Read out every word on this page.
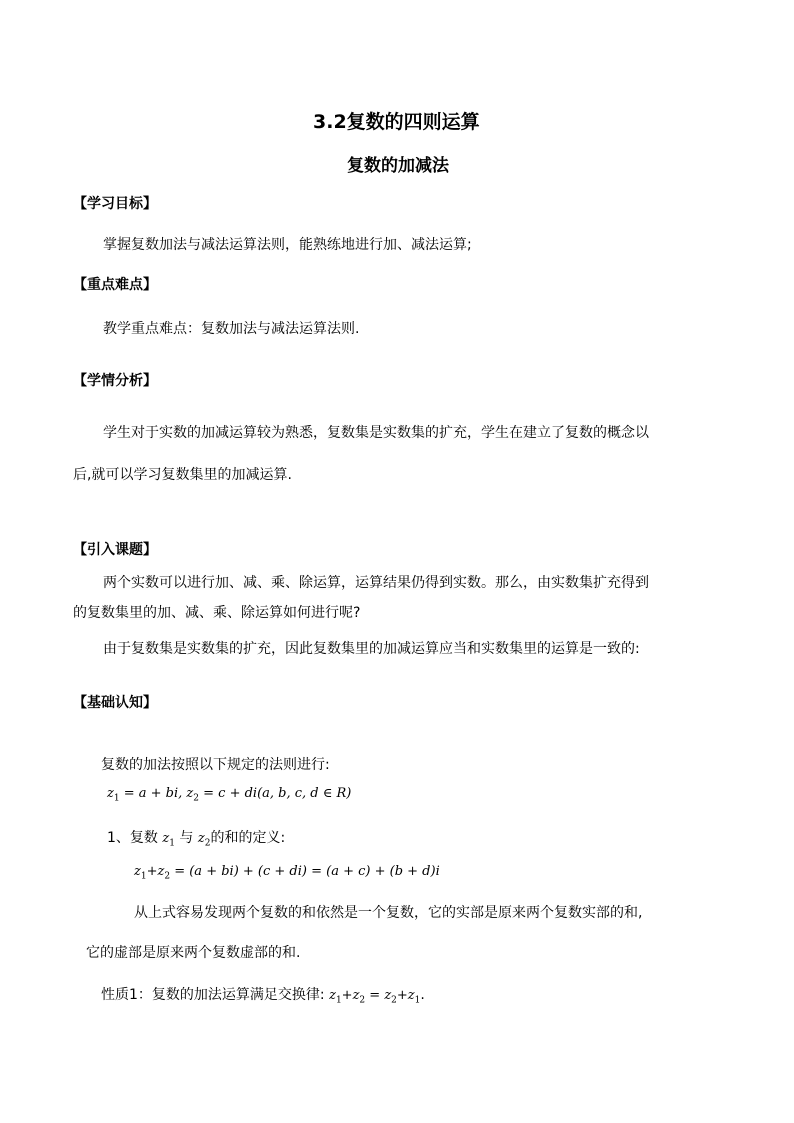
3.2复数的四则运算
复数的加减法
【学习目标】
掌握复数加法与减法运算法则，能熟练地进行加、减法运算;
【重点难点】
教学重点难点：复数加法与减法运算法则.
【学情分析】
学生对于实数的加减运算较为熟悉，复数集是实数集的扩充，学生在建立了复数的概念以
后,就可以学习复数集里的加减运算.
【引入课题】
两个实数可以进行加、减、乘、除运算，运算结果仍得到实数。那么，由实数集扩充得到
的复数集里的加、减、乘、除运算如何进行呢?
由于复数集是实数集的扩充，因此复数集里的加减运算应当和实数集里的运算是一致的:
【基础认知】
复数的加法按照以下规定的法则进行:
$z_1 = a$ + bi, $z_2 = c + di(a$, b, c, d ∈ R)
1、复数 $z_1$ 与 $z_2$的和的定义:
$z_1+z_2 = (a + bi) + (c + di) = (a + c) + (b + d)i$
从上式容易发现两个复数的和依然是一个复数，它的实部是原来两个复数实部的和,
它的虚部是原来两个复数虚部的和.
性质1：复数的加法运算满足交换律: $z_1+z_2 = z_2+z_1$.
